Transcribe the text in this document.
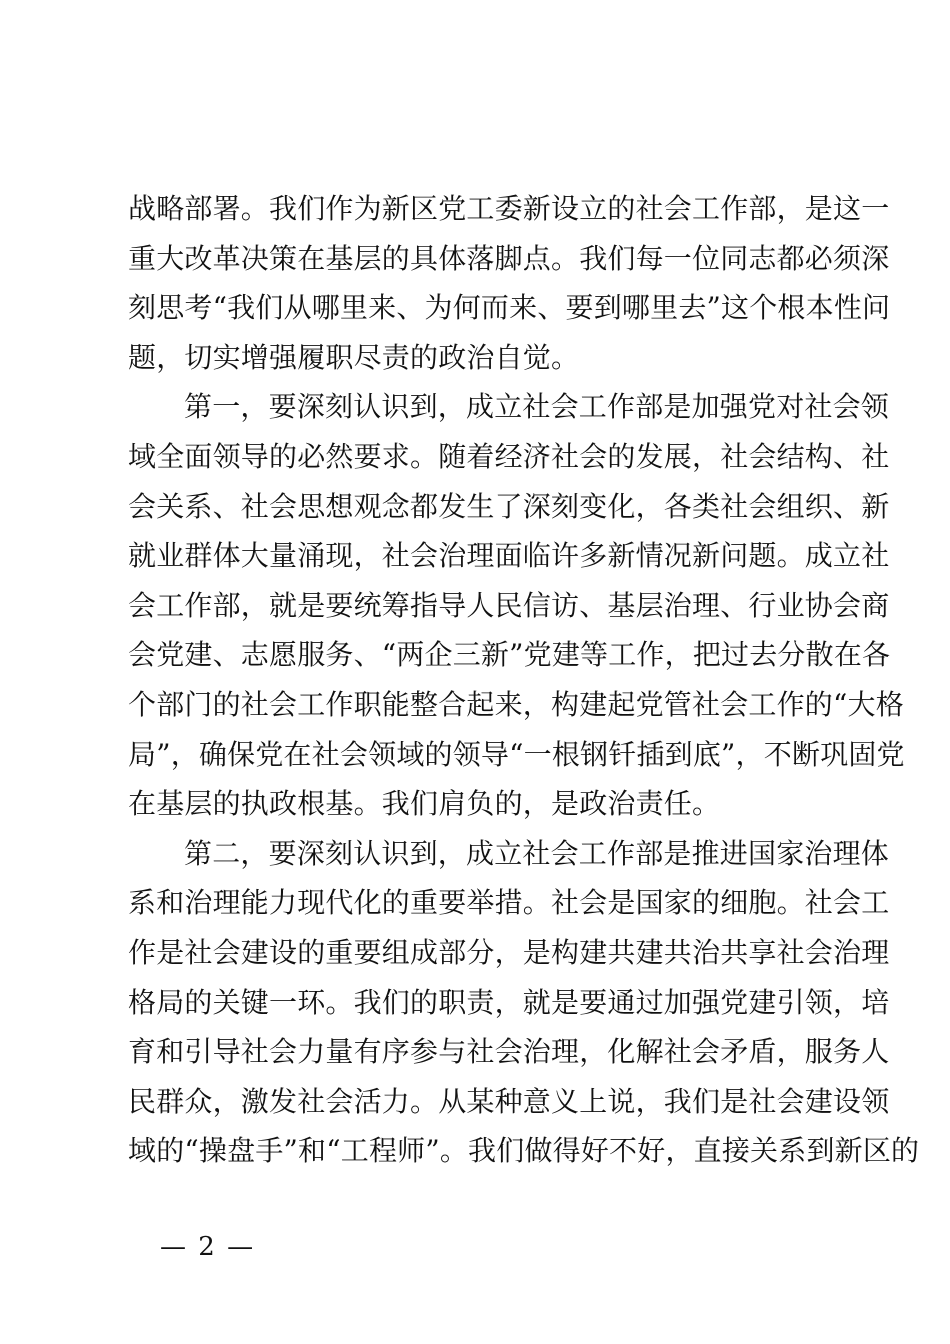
战略部署。我们作为新区党工委新设立的社会工作部，是这一
重大改革决策在基层的具体落脚点。我们每一位同志都必须深
刻思考“我们从哪里来、为何而来、要到哪里去”这个根本性问
题，切实增强履职尽责的政治自觉。

第一，要深刻认识到，成立社会工作部是加强党对社会领
域全面领导的必然要求。随着经济社会的发展，社会结构、社
会关系、社会思想观念都发生了深刻变化，各类社会组织、新
就业群体大量涌现，社会治理面临许多新情况新问题。成立社
会工作部，就是要统筹指导人民信访、基层治理、行业协会商
会党建、志愿服务、“两企三新”党建等工作，把过去分散在各
个部门的社会工作职能整合起来，构建起党管社会工作的“大格
局”，确保党在社会领域的领导“一根钢钎插到底”，不断巩固党
在基层的执政根基。我们肩负的，是政治责任。

第二，要深刻认识到，成立社会工作部是推进国家治理体
系和治理能力现代化的重要举措。社会是国家的细胞。社会工
作是社会建设的重要组成部分，是构建共建共治共享社会治理
格局的关键一环。我们的职责，就是要通过加强党建引领，培
育和引导社会力量有序参与社会治理，化解社会矛盾，服务人
民群众，激发社会活力。从某种意义上说，我们是社会建设领
域的“操盘手”和“工程师”。我们做得好不好，直接关系到新区的

— 2 —
